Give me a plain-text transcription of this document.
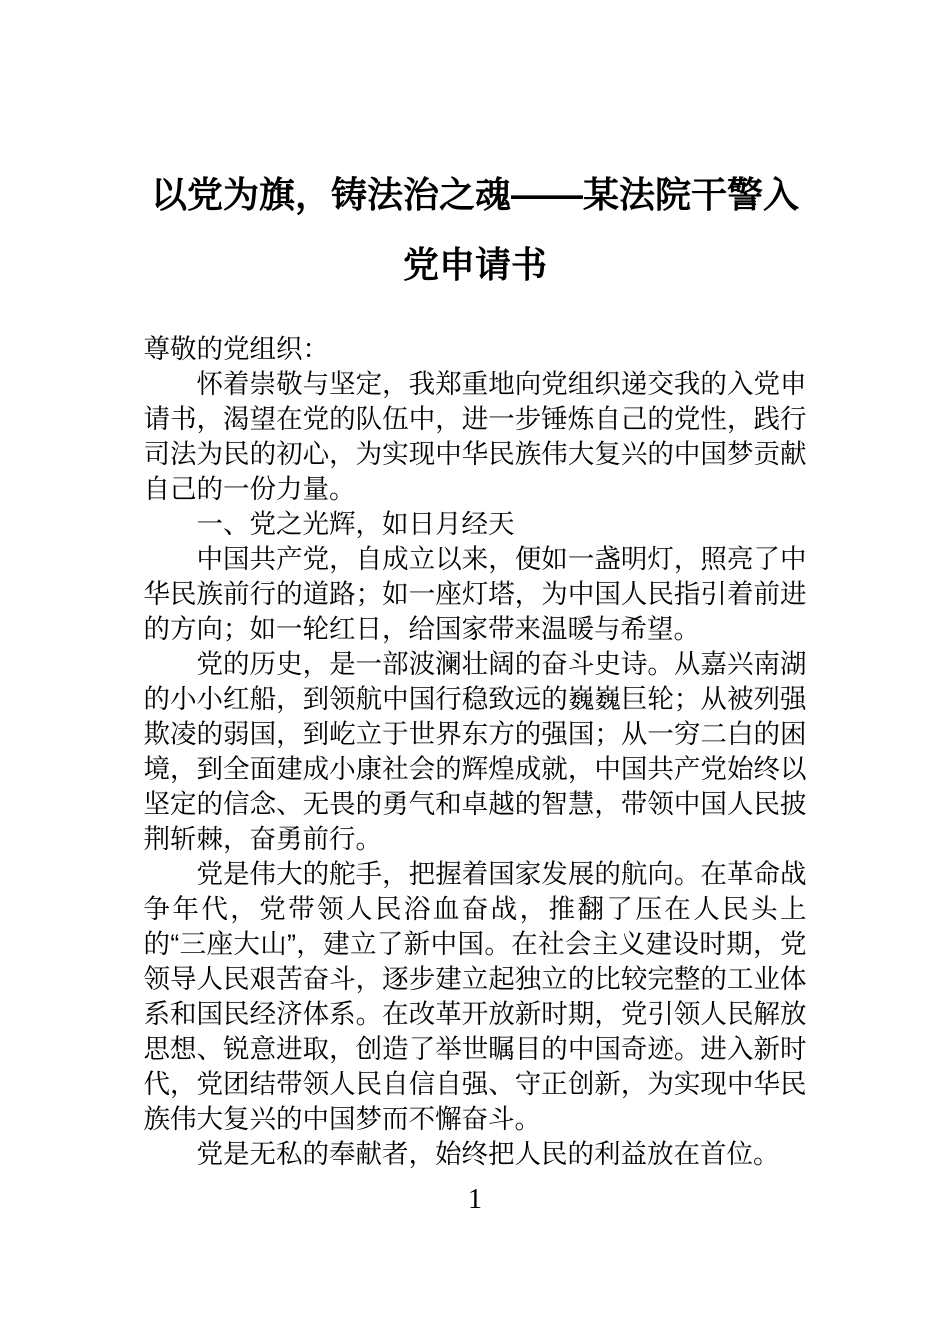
以党为旗，铸法治之魂——某法院干警入党申请书

尊敬的党组织：

怀着崇敬与坚定，我郑重地向党组织递交我的入党申请书，渴望在党的队伍中，进一步锤炼自己的党性，践行司法为民的初心，为实现中华民族伟大复兴的中国梦贡献自己的一份力量。

一、党之光辉，如日月经天

中国共产党，自成立以来，便如一盏明灯，照亮了中华民族前行的道路；如一座灯塔，为中国人民指引着前进的方向；如一轮红日，给国家带来温暖与希望。

党的历史，是一部波澜壮阔的奋斗史诗。从嘉兴南湖的小小红船，到领航中国行稳致远的巍巍巨轮；从被列强欺凌的弱国，到屹立于世界东方的强国；从一穷二白的困境，到全面建成小康社会的辉煌成就，中国共产党始终以坚定的信念、无畏的勇气和卓越的智慧，带领中国人民披荆斩棘，奋勇前行。

党是伟大的舵手，把握着国家发展的航向。在革命战争年代，党带领人民浴血奋战，推翻了压在人民头上的“三座大山”，建立了新中国。在社会主义建设时期，党领导人民艰苦奋斗，逐步建立起独立的比较完整的工业体系和国民经济体系。在改革开放新时期，党引领人民解放思想、锐意进取，创造了举世瞩目的中国奇迹。进入新时代，党团结带领人民自信自强、守正创新，为实现中华民族伟大复兴的中国梦而不懈奋斗。

党是无私的奉献者，始终把人民的利益放在首位。

1
